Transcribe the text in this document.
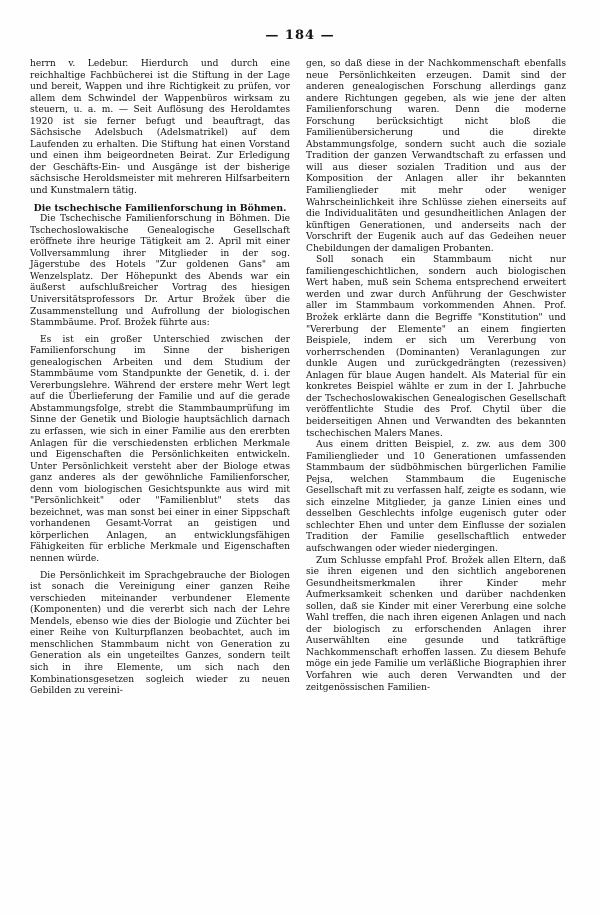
— 184 —

herrn v. Ledebur. Hierdurch und durch eine reichhaltige Fachbücherei ist die Stiftung in der Lage und bereit, Wappen und ihre Richtigkeit zu prüfen, vor allem dem Schwindel der Wappenbüros wirksam zu steuern, u. a. m. — Seit Auflösung des Heroldamtes 1920 ist sie ferner befugt und beauftragt, das Sächsische Adelsbuch (Adelsmatrikel) auf dem Laufenden zu erhalten. Die Stiftung hat einen Vorstand und einen ihm beigeordneten Beirat. Zur Erledigung der Geschäfts-Ein- und Ausgänge ist der bisherige sächsische Heroldsmeister mit mehreren Hilfsarbeitern und Kunstmalern tätig.

Die tschechische Familienforschung in Böhmen.

Die Tschechische Familienforschung in Böhmen. Die Tschechoslowakische Genealogische Gesellschaft eröffnete ihre heurige Tätigkeit am 2. April mit einer Vollversammlung ihrer Mitglieder in der sog. Jägerstube des Hotels "Zur goldenen Gans" am Wenzelsplatz. Der Höhepunkt des Abends war ein äußerst aufschlußreicher Vortrag des hiesigen Universitätsprofessors Dr. Artur Brožek über die Zusammenstellung und Aufrollung der biologischen Stammbäume. Prof. Brožek führte aus:

Es ist ein großer Unterschied zwischen der Familienforschung im Sinne der bisherigen genealogischen Arbeiten und dem Studium der Stammbäume vom Standpunkte der Genetik, d. i. der Vererbungslehre. Während der erstere mehr Wert legt auf die Überlieferung der Familie und auf die gerade Abstammungsfolge, strebt die Stammbaumprüfung im Sinne der Genetik und Biologie hauptsächlich darnach zu erfassen, wie sich in einer Familie aus den ererbten Anlagen für die verschiedensten erblichen Merkmale und Eigenschaften die Persönlichkeiten entwickeln. Unter Persönlichkeit versteht aber der Biologe etwas ganz anderes als der gewöhnliche Familienforscher, denn vom biologischen Gesichtspunkte aus wird mit "Persönlichkeit" oder "Familienblut" stets das bezeichnet, was man sonst bei einer in einer Sippschaft vorhandenen Gesamt-Vorrat an geistigen und körperlichen Anlagen, an entwicklungsfähigen Fähigkeiten für erbliche Merkmale und Eigenschaften nennen würde.

Die Persönlichkeit im Sprachgebrauche der Biologen ist sonach die Vereinigung einer ganzen Reihe verschieden miteinander verbundener Elemente (Komponenten) und die vererbt sich nach der Lehre Mendels, ebenso wie dies der Biologie und Züchter bei einer Reihe von Kulturpflanzen beobachtet, auch im menschlichen Stammbaum nicht von Generation zu Generation als ein ungeteiltes Ganzes, sondern teilt sich in ihre Elemente, um sich nach den Kombinationsgesetzen sogleich wieder zu neuen Gebilden zu vereini-

gen, so daß diese in der Nachkommenschaft ebenfalls neue Persönlichkeiten erzeugen. Damit sind der anderen genealogischen Forschung allerdings ganz andere Richtungen gegeben, als wie jene der alten Familienforschung waren. Denn die moderne Forschung berücksichtigt nicht bloß die Familienübersicherung und die direkte Abstammungsfolge, sondern sucht auch die soziale Tradition der ganzen Verwandtschaft zu erfassen und will aus dieser sozialen Tradition und aus der Komposition der Anlagen aller ihr bekannten Familienglieder mit mehr oder weniger Wahrscheinlichkeit ihre Schlüsse ziehen einerseits auf die Individualitäten und gesundheitlichen Anlagen der künftigen Generationen, und anderseits nach der Vorschrift der Eugenik auch auf das Gedeihen neuer Chebildungen der damaligen Probanten.

Soll sonach ein Stammbaum nicht nur familiengeschichtlichen, sondern auch biologischen Wert haben, muß sein Schema entsprechend erweitert werden und zwar durch Anführung der Geschwister aller im Stammbaum vorkommenden Ahnen. Prof. Brožek erklärte dann die Begriffe "Konstitution" und "Vererbung der Elemente" an einem fingierten Beispiele, indem er sich um Vererbung von vorherrschenden (Dominanten) Veranlagungen zur dunkle Augen und zurückgedrängten (rezessiven) Anlagen für blaue Augen handelt. Als Material für ein konkretes Beispiel wählte er zum in der I. Jahrbuche der Tschechoslowakischen Genealogischen Gesellschaft veröffentlichte Studie des Prof. Chytil über die beiderseitigen Ahnen und Verwandten des bekannten tschechischen Malers Manes.

Aus einem dritten Beispiel, z. zw. aus dem 300 Familienglieder und 10 Generationen umfassenden Stammbaum der südböhmischen bürgerlichen Familie Pejsa, welchen Stammbaum die Eugenische Gesellschaft mit zu verfassen half, zeigte es sodann, wie sich einzelne Mitglieder, ja ganze Linien eines und desselben Geschlechts infolge eugenisch guter oder schlechter Ehen und unter dem Einflusse der sozialen Tradition der Familie gesellschaftlich entweder aufschwangen oder wieder niedergingen.

Zum Schlusse empfahl Prof. Brožek allen Eltern, daß sie ihren eigenen und den sichtlich angeborenen Gesundheitsmerkmalen ihrer Kinder mehr Aufmerksamkeit schenken und darüber nachdenken sollen, daß sie Kinder mit einer Vererbung eine solche Wahl treffen, die nach ihren eigenen Anlagen und nach der biologisch zu erforschenden Anlagen ihrer Auserwählten eine gesunde und tatkräftige Nachkommenschaft erhoffen lassen. Zu diesem Behufe möge ein jede Familie um verläßliche Biographien ihrer Vorfahren wie auch deren Verwandten und der zeitgenössischen Familien-
